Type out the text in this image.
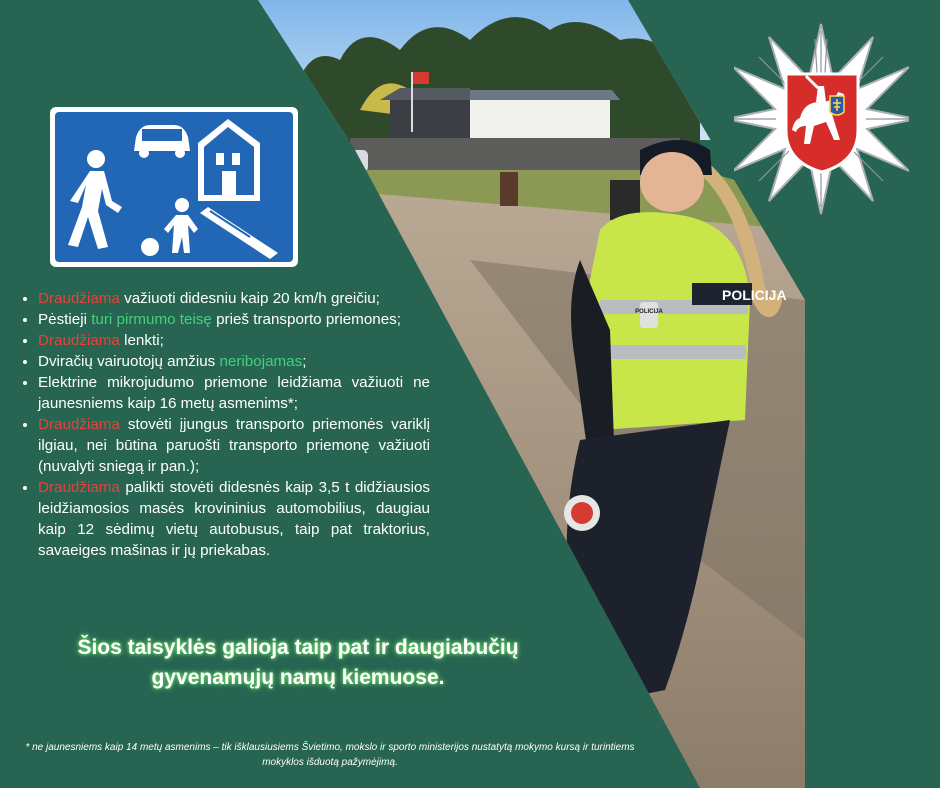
POLICIJA
POLICIJA
• Draudžiama važiuoti didesniu kaip 20 km/h greičiu;
• Pėstieji turi pirmumo teisę prieš transporto priemones;
• Draudžiama lenkti;
• Dviračių vairuotojų amžius neribojamas;
• Elektrine mikrojudumo priemone leidžiama važiuoti ne jaunesniems kaip 16 metų asmenims*;
• Draudžiama stovėti įjungus transporto priemonės variklį ilgiau, nei būtina paruošti transporto priemonę važiuoti (nuvalyti sniegą ir pan.);
• Draudžiama palikti stovėti didesnės kaip 3,5 t didžiausios leidžiamosios masės krovininius automobilius, daugiau kaip 12 sėdimų vietų autobusus, taip pat traktorius, savaeiges mašinas ir jų priekabas.

Šios taisyklės galioja taip pat ir daugiabučių gyvenamųjų namų kiemuose.

* ne jaunesniems kaip 14 metų asmenims – tik išklausiusiems Švietimo, mokslo ir sporto ministerijos nustatytą mokymo kursą ir turintiems mokyklos išduotą pažymėjimą.
